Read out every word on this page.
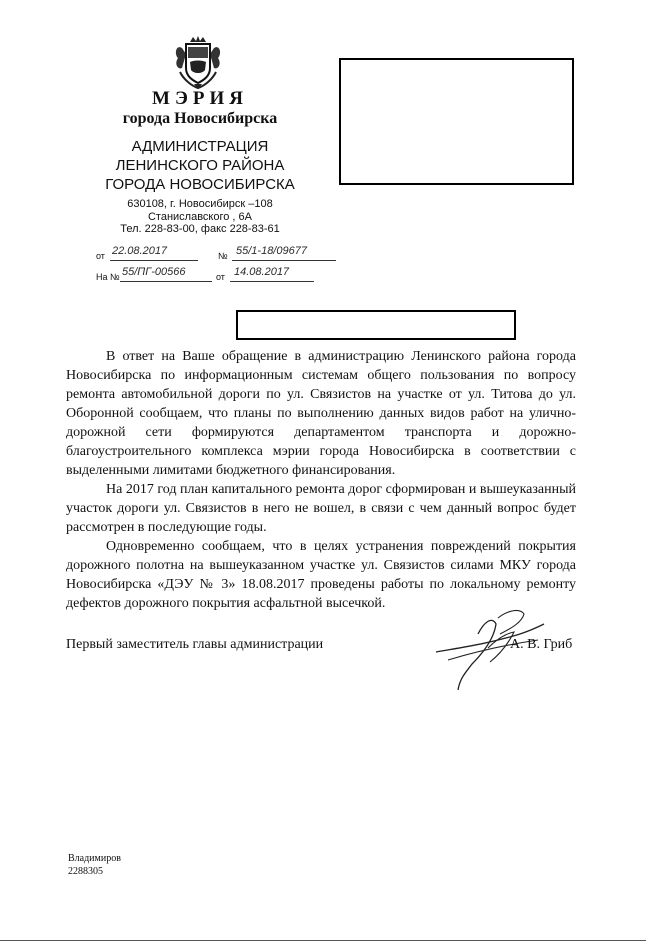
МЭРИЯ
города Новосибирска
АДМИНИСТРАЦИЯ
ЛЕНИНСКОГО РАЙОНА
ГОРОДА НОВОСИБИРСКА
630108, г. Новосибирск –108
Станиславского , 6А
Тел. 228-83-00, факс 228-83-61
от 22.08.2017	№ 55/1-18/09677
На № 55/ПГ-00566	от 14.08.2017

В ответ на Ваше обращение в администрацию Ленинского района города Новосибирска по информационным системам общего пользования по вопросу ремонта автомобильной дороги по ул. Связистов на участке от ул. Титова до ул. Оборонной сообщаем, что планы по выполнению данных видов работ на улично-дорожной сети формируются департаментом транспорта и дорожно-благоустроительного комплекса мэрии города Новосибирска в соответствии с выделенными лимитами бюджетного финансирования.

На 2017 год план капитального ремонта дорог сформирован и вышеуказанный участок дороги ул. Связистов в него не вошел, в связи с чем данный вопрос будет рассмотрен в последующие годы.

Одновременно сообщаем, что в целях устранения повреждений покрытия дорожного полотна на вышеуказанном участке ул. Связистов силами МКУ города Новосибирска «ДЭУ № 3» 18.08.2017 проведены работы по локальному ремонту дефектов дорожного покрытия асфальтной высечкой.

Первый заместитель главы администрации	А. В. Гриб
Владимиров
2288305
